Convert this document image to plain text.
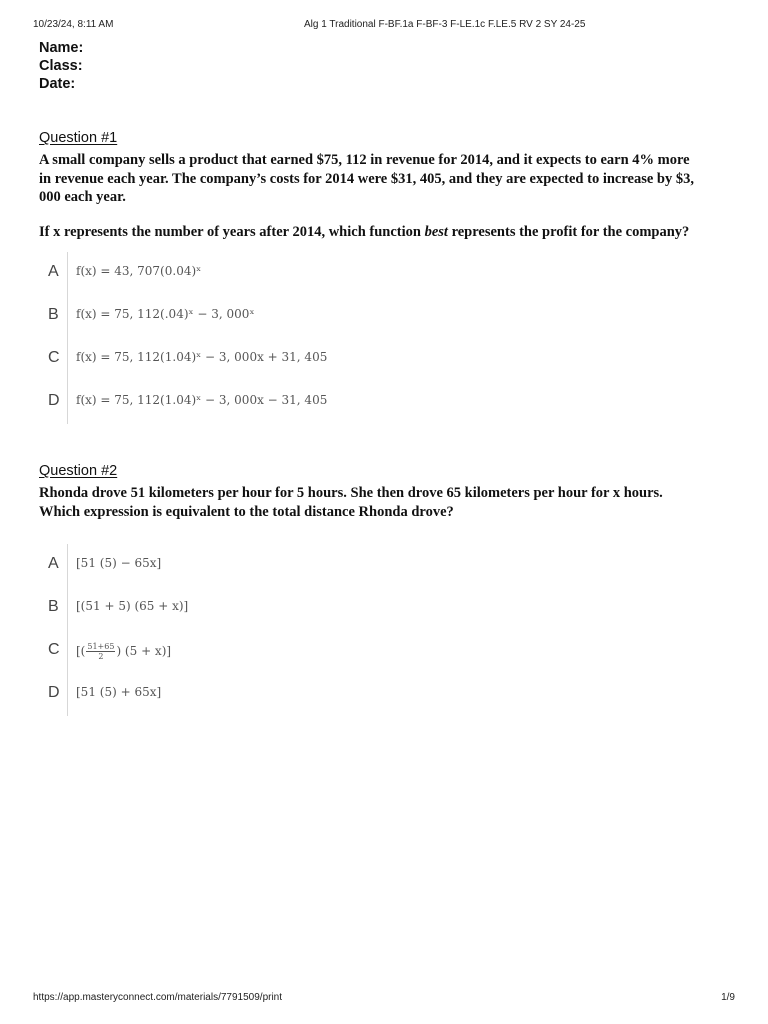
10/23/24, 8:11 AM	Alg 1 Traditional F-BF.1a F-BF-3 F-LE.1c F.LE.5 RV 2 SY 24-25
Name:
Class:
Date:
Question #1

A small company sells a product that earned $75, 112 in revenue for 2014, and it expects to earn 4% more in revenue each year. The company’s costs for 2014 were $31, 405, and they are expected to increase by $3, 000 each year.

If x represents the number of years after 2014, which function best represents the profit for the company?

A f(x) = 43, 707(0.04)ˣ
B f(x) = 75, 112(.04)ˣ − 3, 000ˣ
C f(x) = 75, 112(1.04)ˣ − 3, 000x + 31, 405
D f(x) = 75, 112(1.04)ˣ − 3, 000x − 31, 405
Question #2

Rhonda drove 51 kilometers per hour for 5 hours. She then drove 65 kilometers per hour for x hours. Which expression is equivalent to the total distance Rhonda drove?

A [51 (5) − 65x]
B [(51 + 5) (65 + x)]
C [( $\frac{51+65}{2}$ ) (5 + x)]
D [51 (5) + 65x]
https://app.masteryconnect.com/materials/7791509/print	1/9
